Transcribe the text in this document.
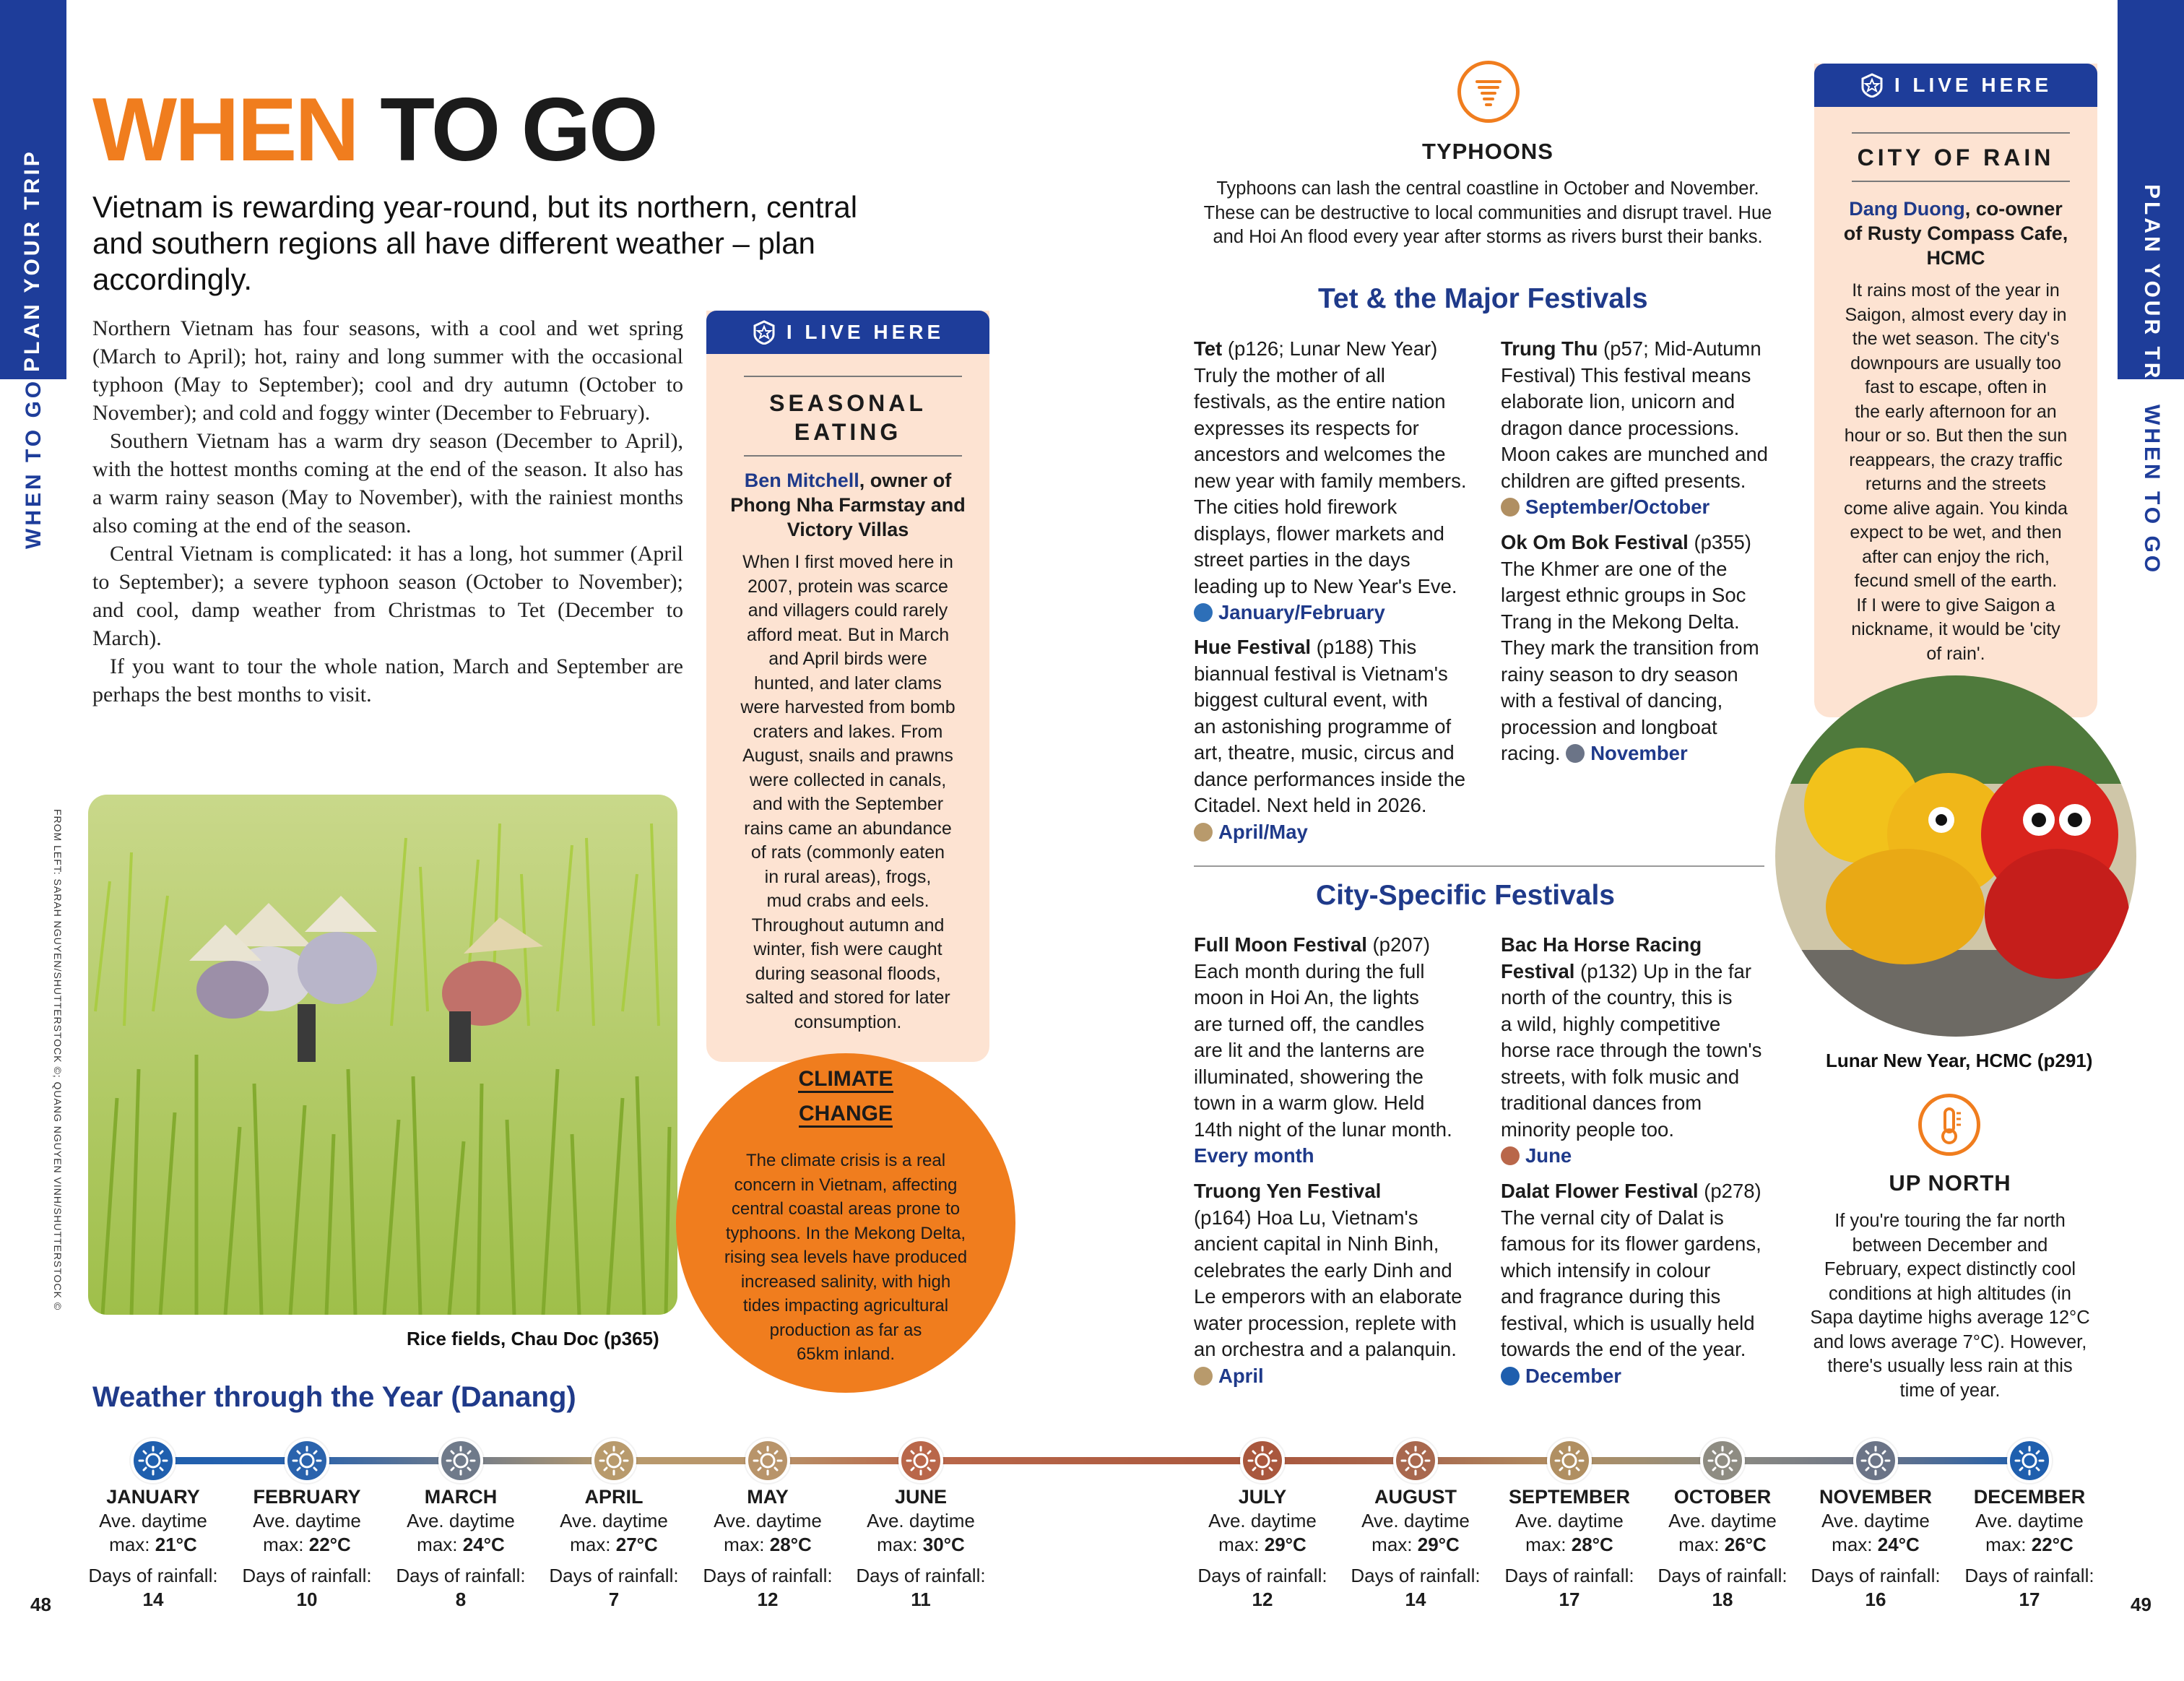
PLAN YOUR TRIP
WHEN TO GO
PLAN YOUR TRIP
WHEN TO GO
WHEN TO GO
Vietnam is rewarding year-round, but its northern, central and southern regions all have different weather – plan accordingly.

Northern Vietnam has four seasons, with a cool and wet spring (March to April); hot, rainy and long summer with the occasional typhoon (May to September); cool and dry autumn (October to November); and cold and foggy winter (December to February).

Southern Vietnam has a warm dry season (December to April), with the hottest months coming at the end of the season. It also has a warm rainy season (May to November), with the rainiest months also coming at the end of the season.

Central Vietnam is complicated: it has a long, hot summer (April to September); a severe typhoon season (October to November); and cool, damp weather from Christmas to Tet (December to March).

If you want to tour the whole nation, March and September are perhaps the best months to visit.

FROM LEFT: SARAH NGUYEN/SHUTTERSTOCK ©; QUANG NGUYEN VINH/SHUTTERSTOCK ©
Rice fields, Chau Doc (p365)
I LIVE HERE
SEASONAL
EATING
Ben Mitchell, owner of
Phong Nha Farmstay and
Victory Villas
When I first moved here in
2007, protein was scarce
and villagers could rarely
afford meat. But in March
and April birds were
hunted, and later clams
were harvested from bomb
craters and lakes. From
August, snails and prawns
were collected in canals,
and with the September
rains came an abundance
of rats (commonly eaten
in rural areas), frogs,
mud crabs and eels.
Throughout autumn and
winter, fish were caught
during seasonal floods,
salted and stored for later
consumption.
CLIMATE
CHANGE
The climate crisis is a real
concern in Vietnam, affecting
central coastal areas prone to
typhoons. In the Mekong Delta,
rising sea levels have produced
increased salinity, with high
tides impacting agricultural
production as far as
65km inland.
TYPHOONS
Typhoons can lash the central coastline in October and November.
These can be destructive to local communities and disrupt travel. Hue
and Hoi An flood every year after storms as rivers burst their banks.
Tet & the Major Festivals
Tet (p126; Lunar New Year)
Truly the mother of all
festivals, as the entire nation
expresses its respects for
ancestors and welcomes the
new year with family members.
The cities hold firework
displays, flower markets and
street parties in the days
leading up to New Year's Eve.
January/February
Hue Festival (p188) This
biannual festival is Vietnam's
biggest cultural event, with
an astonishing programme of
art, theatre, music, circus and
dance performances inside the
Citadel. Next held in 2026.
April/May
Trung Thu (p57; Mid-Autumn
Festival) This festival means
elaborate lion, unicorn and
dragon dance processions.
Moon cakes are munched and
children are gifted presents.
September/October
Ok Om Bok Festival (p355)
The Khmer are one of the
largest ethnic groups in Soc
Trang in the Mekong Delta.
They mark the transition from
rainy season to dry season
with a festival of dancing,
procession and longboat
racing. November
City-Specific Festivals
Full Moon Festival (p207)
Each month during the full
moon in Hoi An, the lights
are turned off, the candles
are lit and the lanterns are
illuminated, showering the
town in a warm glow. Held
14th night of the lunar month.
Every month
Truong Yen Festival
(p164) Hoa Lu, Vietnam's
ancient capital in Ninh Binh,
celebrates the early Dinh and
Le emperors with an elaborate
water procession, replete with
an orchestra and a palanquin.
April
Bac Ha Horse Racing
Festival (p132) Up in the far
north of the country, this is
a wild, highly competitive
horse race through the town's
streets, with folk music and
traditional dances from
minority people too.
June
Dalat Flower Festival (p278)
The vernal city of Dalat is
famous for its flower gardens,
which intensify in colour
and fragrance during this
festival, which is usually held
towards the end of the year.
December
I LIVE HERE
CITY OF RAIN
Dang Duong, co-owner
of Rusty Compass Cafe,
HCMC
It rains most of the year in
Saigon, almost every day in
the wet season. The city's
downpours are usually too
fast to escape, often in
the early afternoon for an
hour or so. But then the sun
reappears, the crazy traffic
returns and the streets
come alive again. You kinda
expect to be wet, and then
after can enjoy the rich,
fecund smell of the earth.
If I were to give Saigon a
nickname, it would be 'city
of rain'.
Lunar New Year, HCMC (p291)
UP NORTH
If you're touring the far north
between December and
February, expect distinctly cool
conditions at high altitudes (in
Sapa daytime highs average 12°C
and lows average 7°C). However,
there's usually less rain at this
time of year.
Weather through the Year (Danang)
JANUARY
Ave. daytime
max: 21°C
Days of rainfall:
14
FEBRUARY
Ave. daytime
max: 22°C
Days of rainfall:
10
MARCH
Ave. daytime
max: 24°C
Days of rainfall:
8
APRIL
Ave. daytime
max: 27°C
Days of rainfall:
7
MAY
Ave. daytime
max: 28°C
Days of rainfall:
12
JUNE
Ave. daytime
max: 30°C
Days of rainfall:
11
JULY
Ave. daytime
max: 29°C
Days of rainfall:
12
AUGUST
Ave. daytime
max: 29°C
Days of rainfall:
14
SEPTEMBER
Ave. daytime
max: 28°C
Days of rainfall:
17
OCTOBER
Ave. daytime
max: 26°C
Days of rainfall:
18
NOVEMBER
Ave. daytime
max: 24°C
Days of rainfall:
16
DECEMBER
Ave. daytime
max: 22°C
Days of rainfall:
17
48	49
